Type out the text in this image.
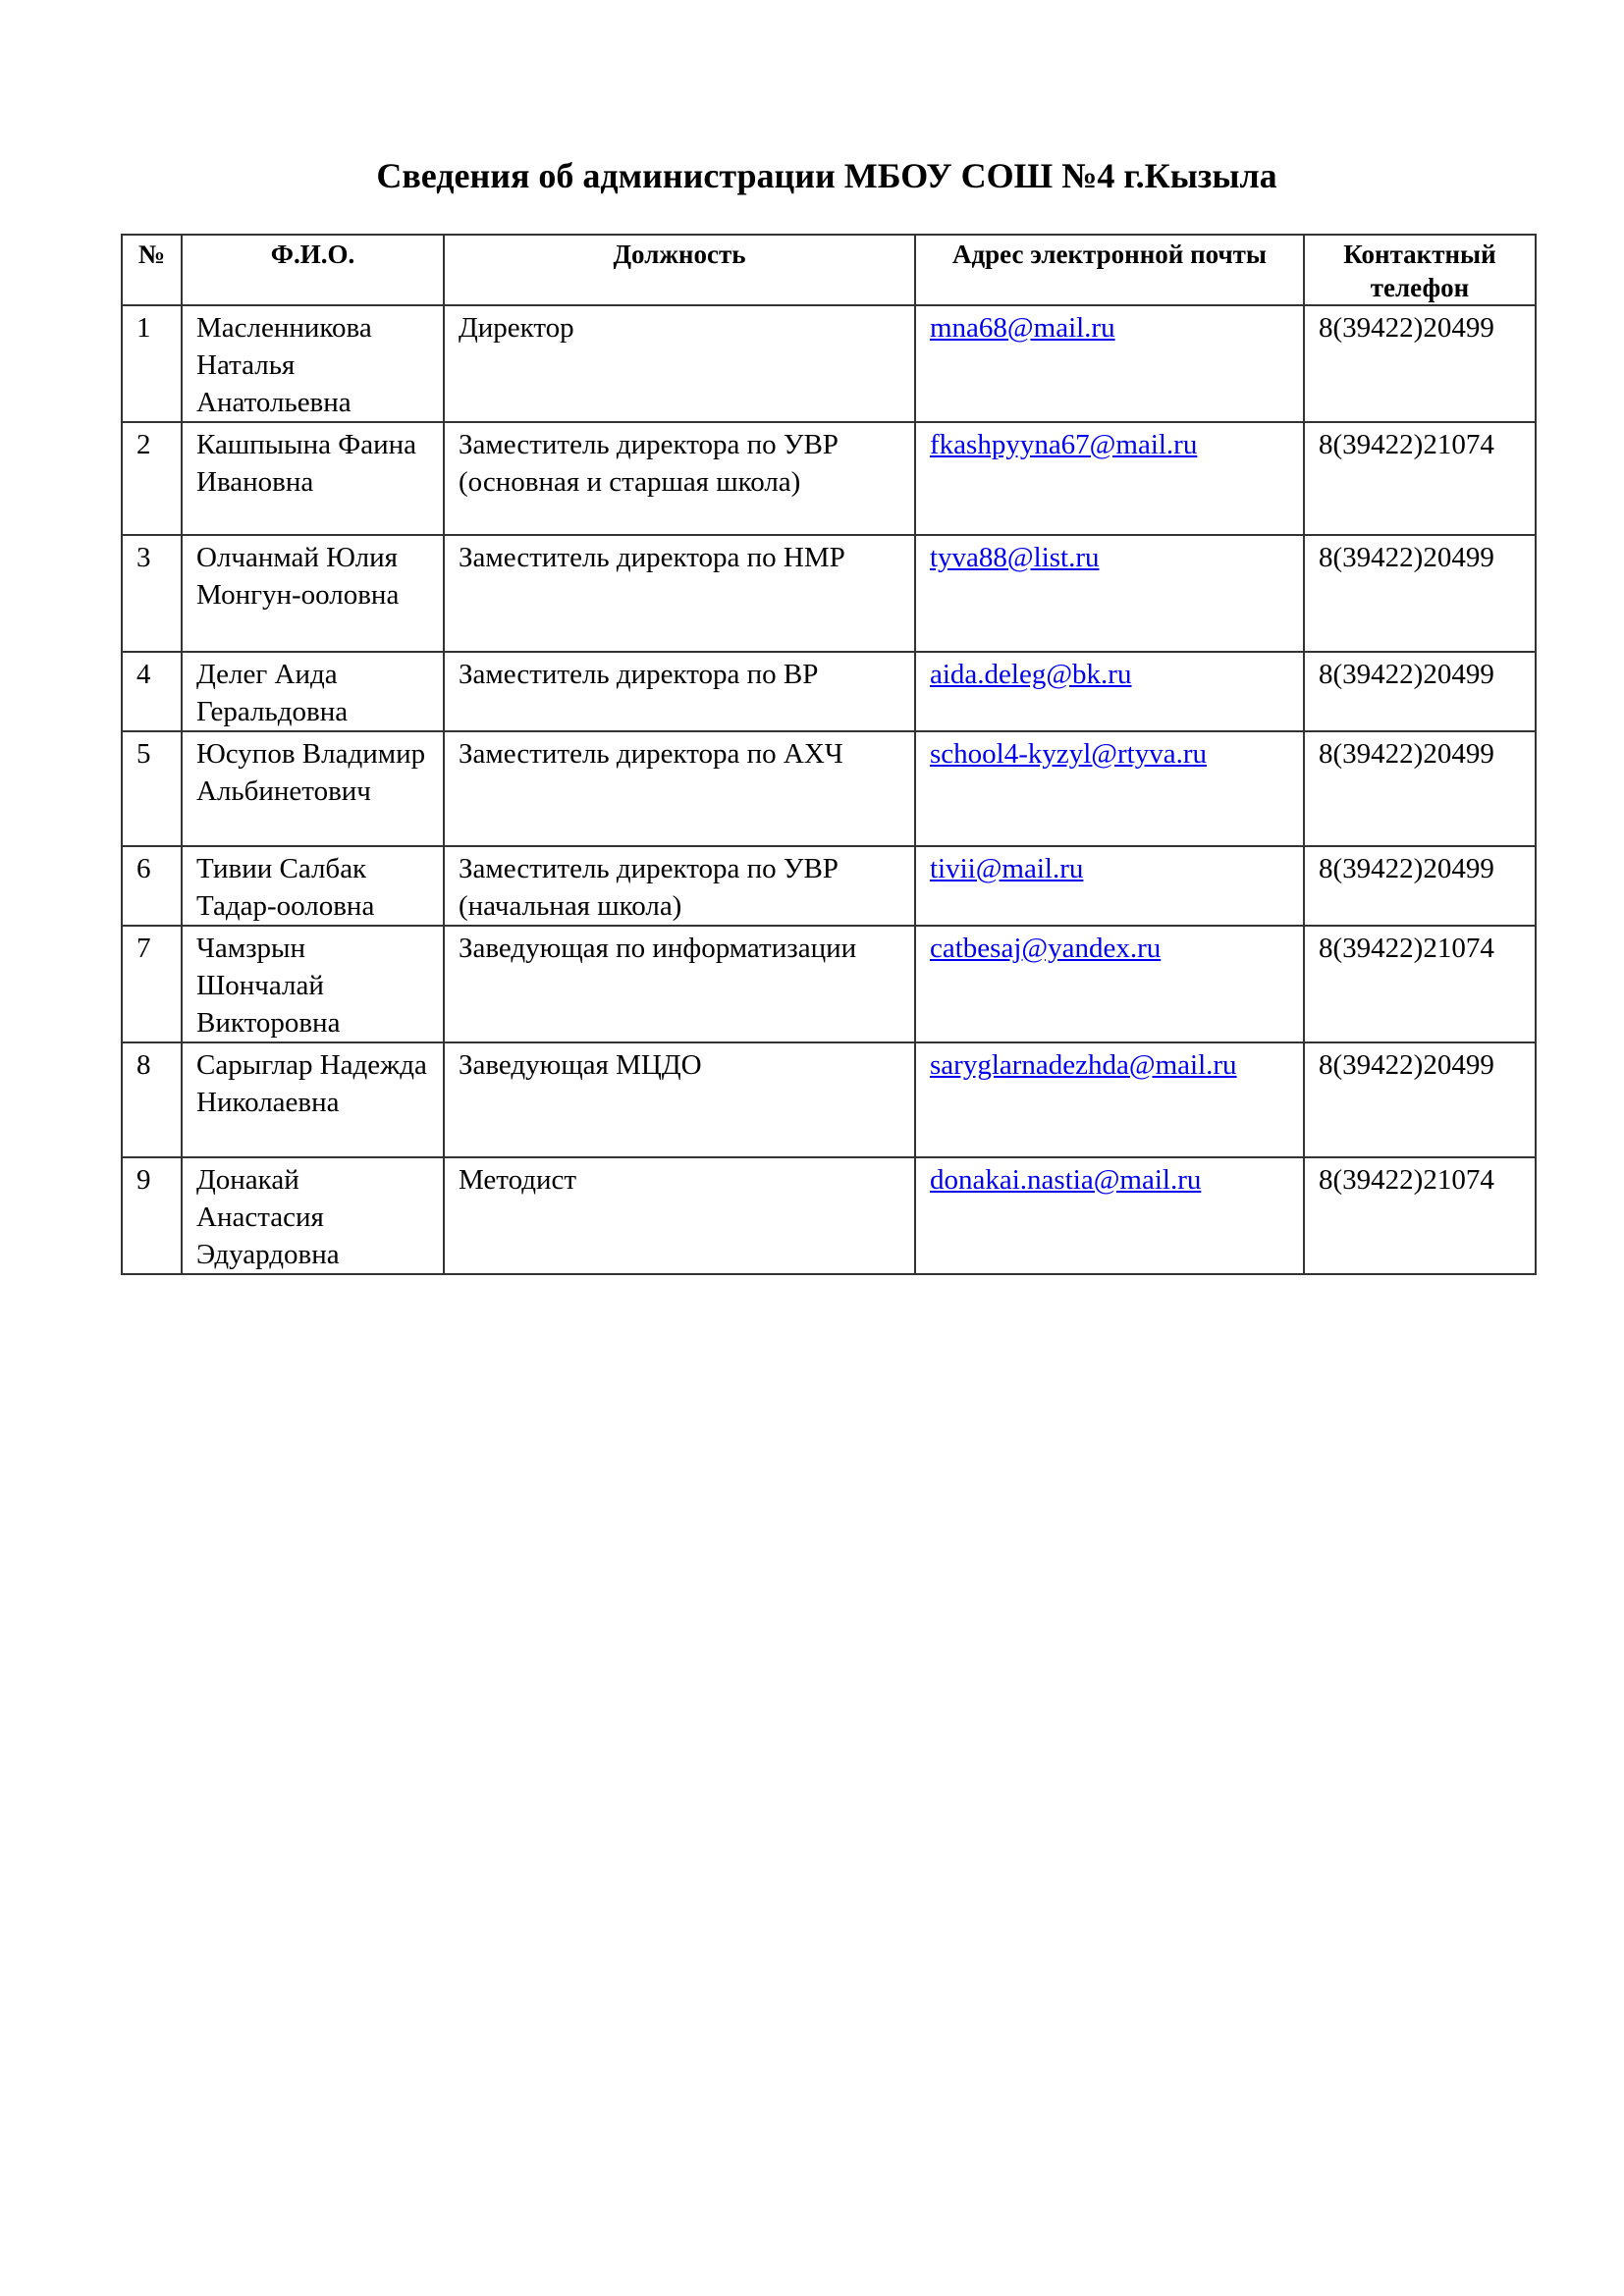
Сведения об администрации МБОУ СОШ №4 г.Кызыла
№	Ф.И.О.	Должность	Адрес электронной почты	Контактный телефон
1	Масленникова Наталья Анатольевна	Директор	mna68@mail.ru	8(39422)20499
2	Кашпыына Фаина Ивановна	Заместитель директора по УВР (основная и старшая школа)	fkashpyyna67@mail.ru	8(39422)21074
3	Олчанмай Юлия Монгун-ооловна	Заместитель директора по НМР	tyva88@list.ru	8(39422)20499
4	Делег Аида Геральдовна	Заместитель директора по ВР	aida.deleg@bk.ru	8(39422)20499
5	Юсупов Владимир Альбинетович	Заместитель директора по АХЧ	school4-kyzyl@rtyva.ru	8(39422)20499
6	Тивии Салбак Тадар-ооловна	Заместитель директора по УВР (начальная школа)	tivii@mail.ru	8(39422)20499
7	Чамзрын Шончалай Викторовна	Заведующая по информатизации	catbesaj@yandex.ru	8(39422)21074
8	Сарыглар Надежда Николаевна	Заведующая МЦДО	saryglarnadezhda@mail.ru	8(39422)20499
9	Донакай Анастасия Эдуардовна	Методист	donakai.nastia@mail.ru	8(39422)21074
